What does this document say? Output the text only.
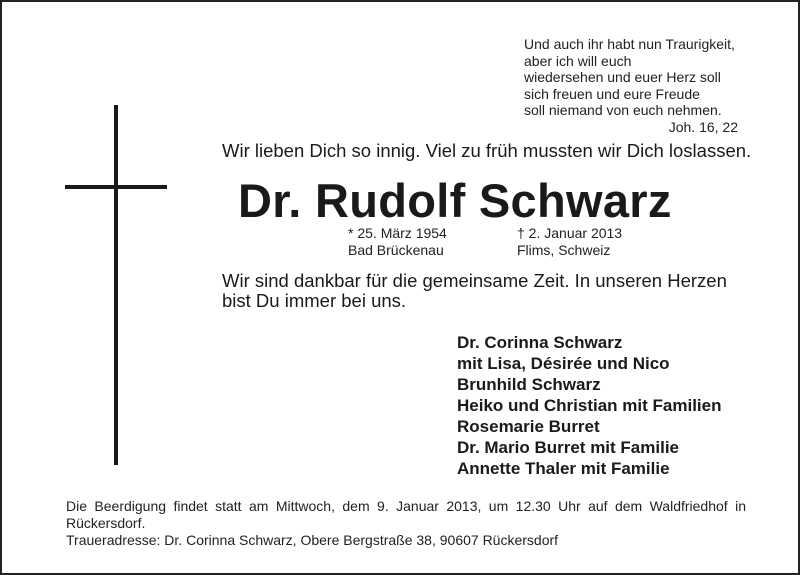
Und auch ihr habt nun Traurigkeit,
aber ich will euch
wiedersehen und euer Herz soll
sich freuen und eure Freude
soll niemand von euch nehmen.
Joh. 16, 22
Wir lieben Dich so innig. Viel zu früh mussten wir Dich loslassen.
Dr. Rudolf Schwarz
* 25. März 1954
Bad Brückenau
† 2. Januar 2013
Flims, Schweiz
Wir sind dankbar für die gemeinsame Zeit. In unseren Herzen
bist Du immer bei uns.
Dr. Corinna Schwarz
mit Lisa, Désirée und Nico
Brunhild Schwarz
Heiko und Christian mit Familien
Rosemarie Burret
Dr. Mario Burret mit Familie
Annette Thaler mit Familie
Die Beerdigung findet statt am Mittwoch, dem 9. Januar 2013, um 12.30 Uhr auf dem Waldfriedhof in
Rückersdorf.
Traueradresse: Dr. Corinna Schwarz, Obere Bergstraße 38, 90607 Rückersdorf
